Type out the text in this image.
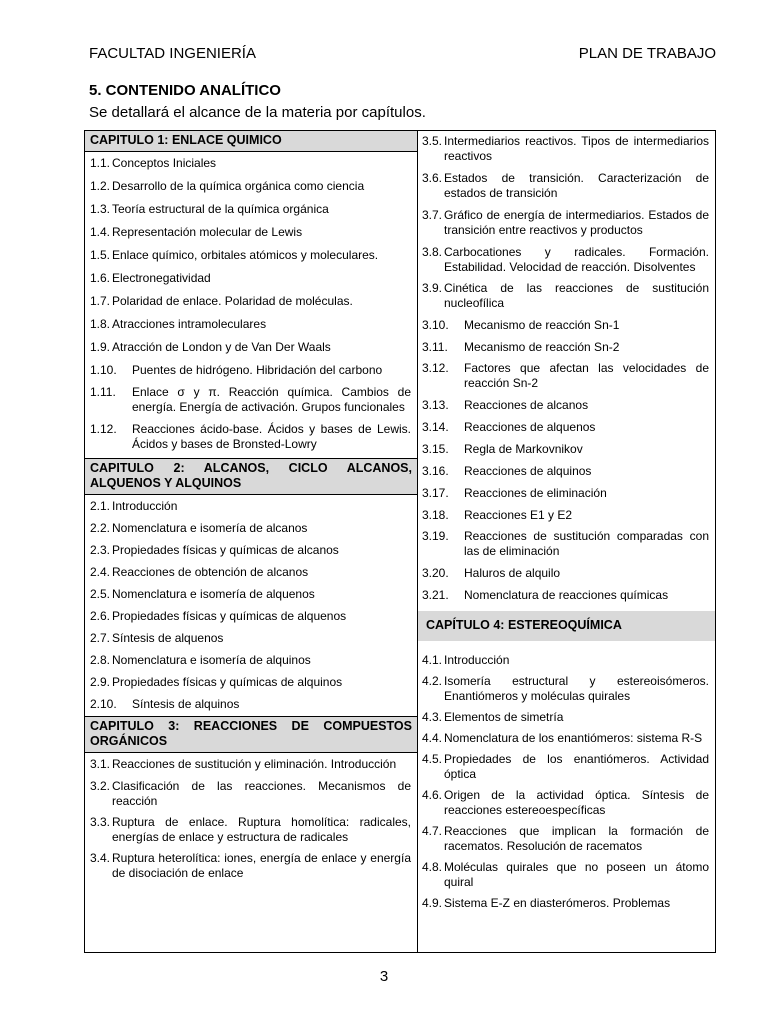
FACULTAD INGENIERÍA	PLAN DE TRABAJO
5. CONTENIDO ANALÍTICO
Se detallará el alcance de la materia por capítulos.
CAPITULO 1: ENLACE QUIMICO
1.1. Conceptos Iniciales
1.2. Desarrollo de la química orgánica como ciencia
1.3. Teoría estructural de la química orgánica
1.4. Representación molecular de Lewis
1.5. Enlace químico, orbitales atómicos y moleculares.
1.6. Electronegatividad
1.7. Polaridad de enlace. Polaridad de moléculas.
1.8. Atracciones intramoleculares
1.9. Atracción de London y de Van Der Waals
1.10.	Puentes de hidrógeno. Hibridación del carbono
1.11.	Enlace σ y π. Reacción química. Cambios de energía. Energía de activación. Grupos funcionales
1.12.	Reacciones ácido-base. Ácidos y bases de Lewis. Ácidos y bases de Bronsted-Lowry
CAPITULO 2: ALCANOS, CICLO ALCANOS, ALQUENOS Y ALQUINOS
2.1. Introducción
2.2. Nomenclatura e isomería de alcanos
2.3. Propiedades físicas y químicas de alcanos
2.4. Reacciones de obtención de alcanos
2.5. Nomenclatura e isomería de alquenos
2.6. Propiedades físicas y químicas de alquenos
2.7. Síntesis de alquenos
2.8. Nomenclatura e isomería de alquinos
2.9. Propiedades físicas y químicas de alquinos
2.10.	Síntesis de alquinos
CAPITULO 3: REACCIONES DE COMPUESTOS ORGÁNICOS
3.1. Reacciones de sustitución y eliminación. Introducción
3.2. Clasificación de las reacciones. Mecanismos de reacción
3.3. Ruptura de enlace. Ruptura homolítica: radicales, energías de enlace y estructura de radicales
3.4. Ruptura heterolítica: iones, energía de enlace y energía de disociación de enlace
3.5. Intermediarios reactivos. Tipos de intermediarios reactivos
3.6. Estados de transición. Caracterización de estados de transición
3.7. Gráfico de energía de intermediarios. Estados de transición entre reactivos y productos
3.8. Carbocationes y radicales. Formación. Estabilidad. Velocidad de reacción. Disolventes
3.9. Cinética de las reacciones de sustitución nucleofílica
3.10.	Mecanismo de reacción Sn-1
3.11.	Mecanismo de reacción Sn-2
3.12.	Factores que afectan las velocidades de reacción Sn-2
3.13.	Reacciones de alcanos
3.14.	Reacciones de alquenos
3.15.	Regla de Markovnikov
3.16.	Reacciones de alquinos
3.17.	Reacciones de eliminación
3.18.	Reacciones E1 y E2
3.19.	Reacciones de sustitución comparadas con las de eliminación
3.20.	Haluros de alquilo
3.21.	Nomenclatura de reacciones químicas
CAPÍTULO 4: ESTEREOQUÍMICA
4.1. Introducción
4.2. Isomería estructural y estereoisómeros. Enantiómeros y moléculas quirales
4.3. Elementos de simetría
4.4. Nomenclatura de los enantiómeros: sistema R-S
4.5. Propiedades de los enantiómeros. Actividad óptica
4.6. Origen de la actividad óptica. Síntesis de reacciones estereoespecíficas
4.7. Reacciones que implican la formación de racematos. Resolución de racematos
4.8. Moléculas quirales que no poseen un átomo quiral
4.9. Sistema E-Z en diasterómeros. Problemas
3
